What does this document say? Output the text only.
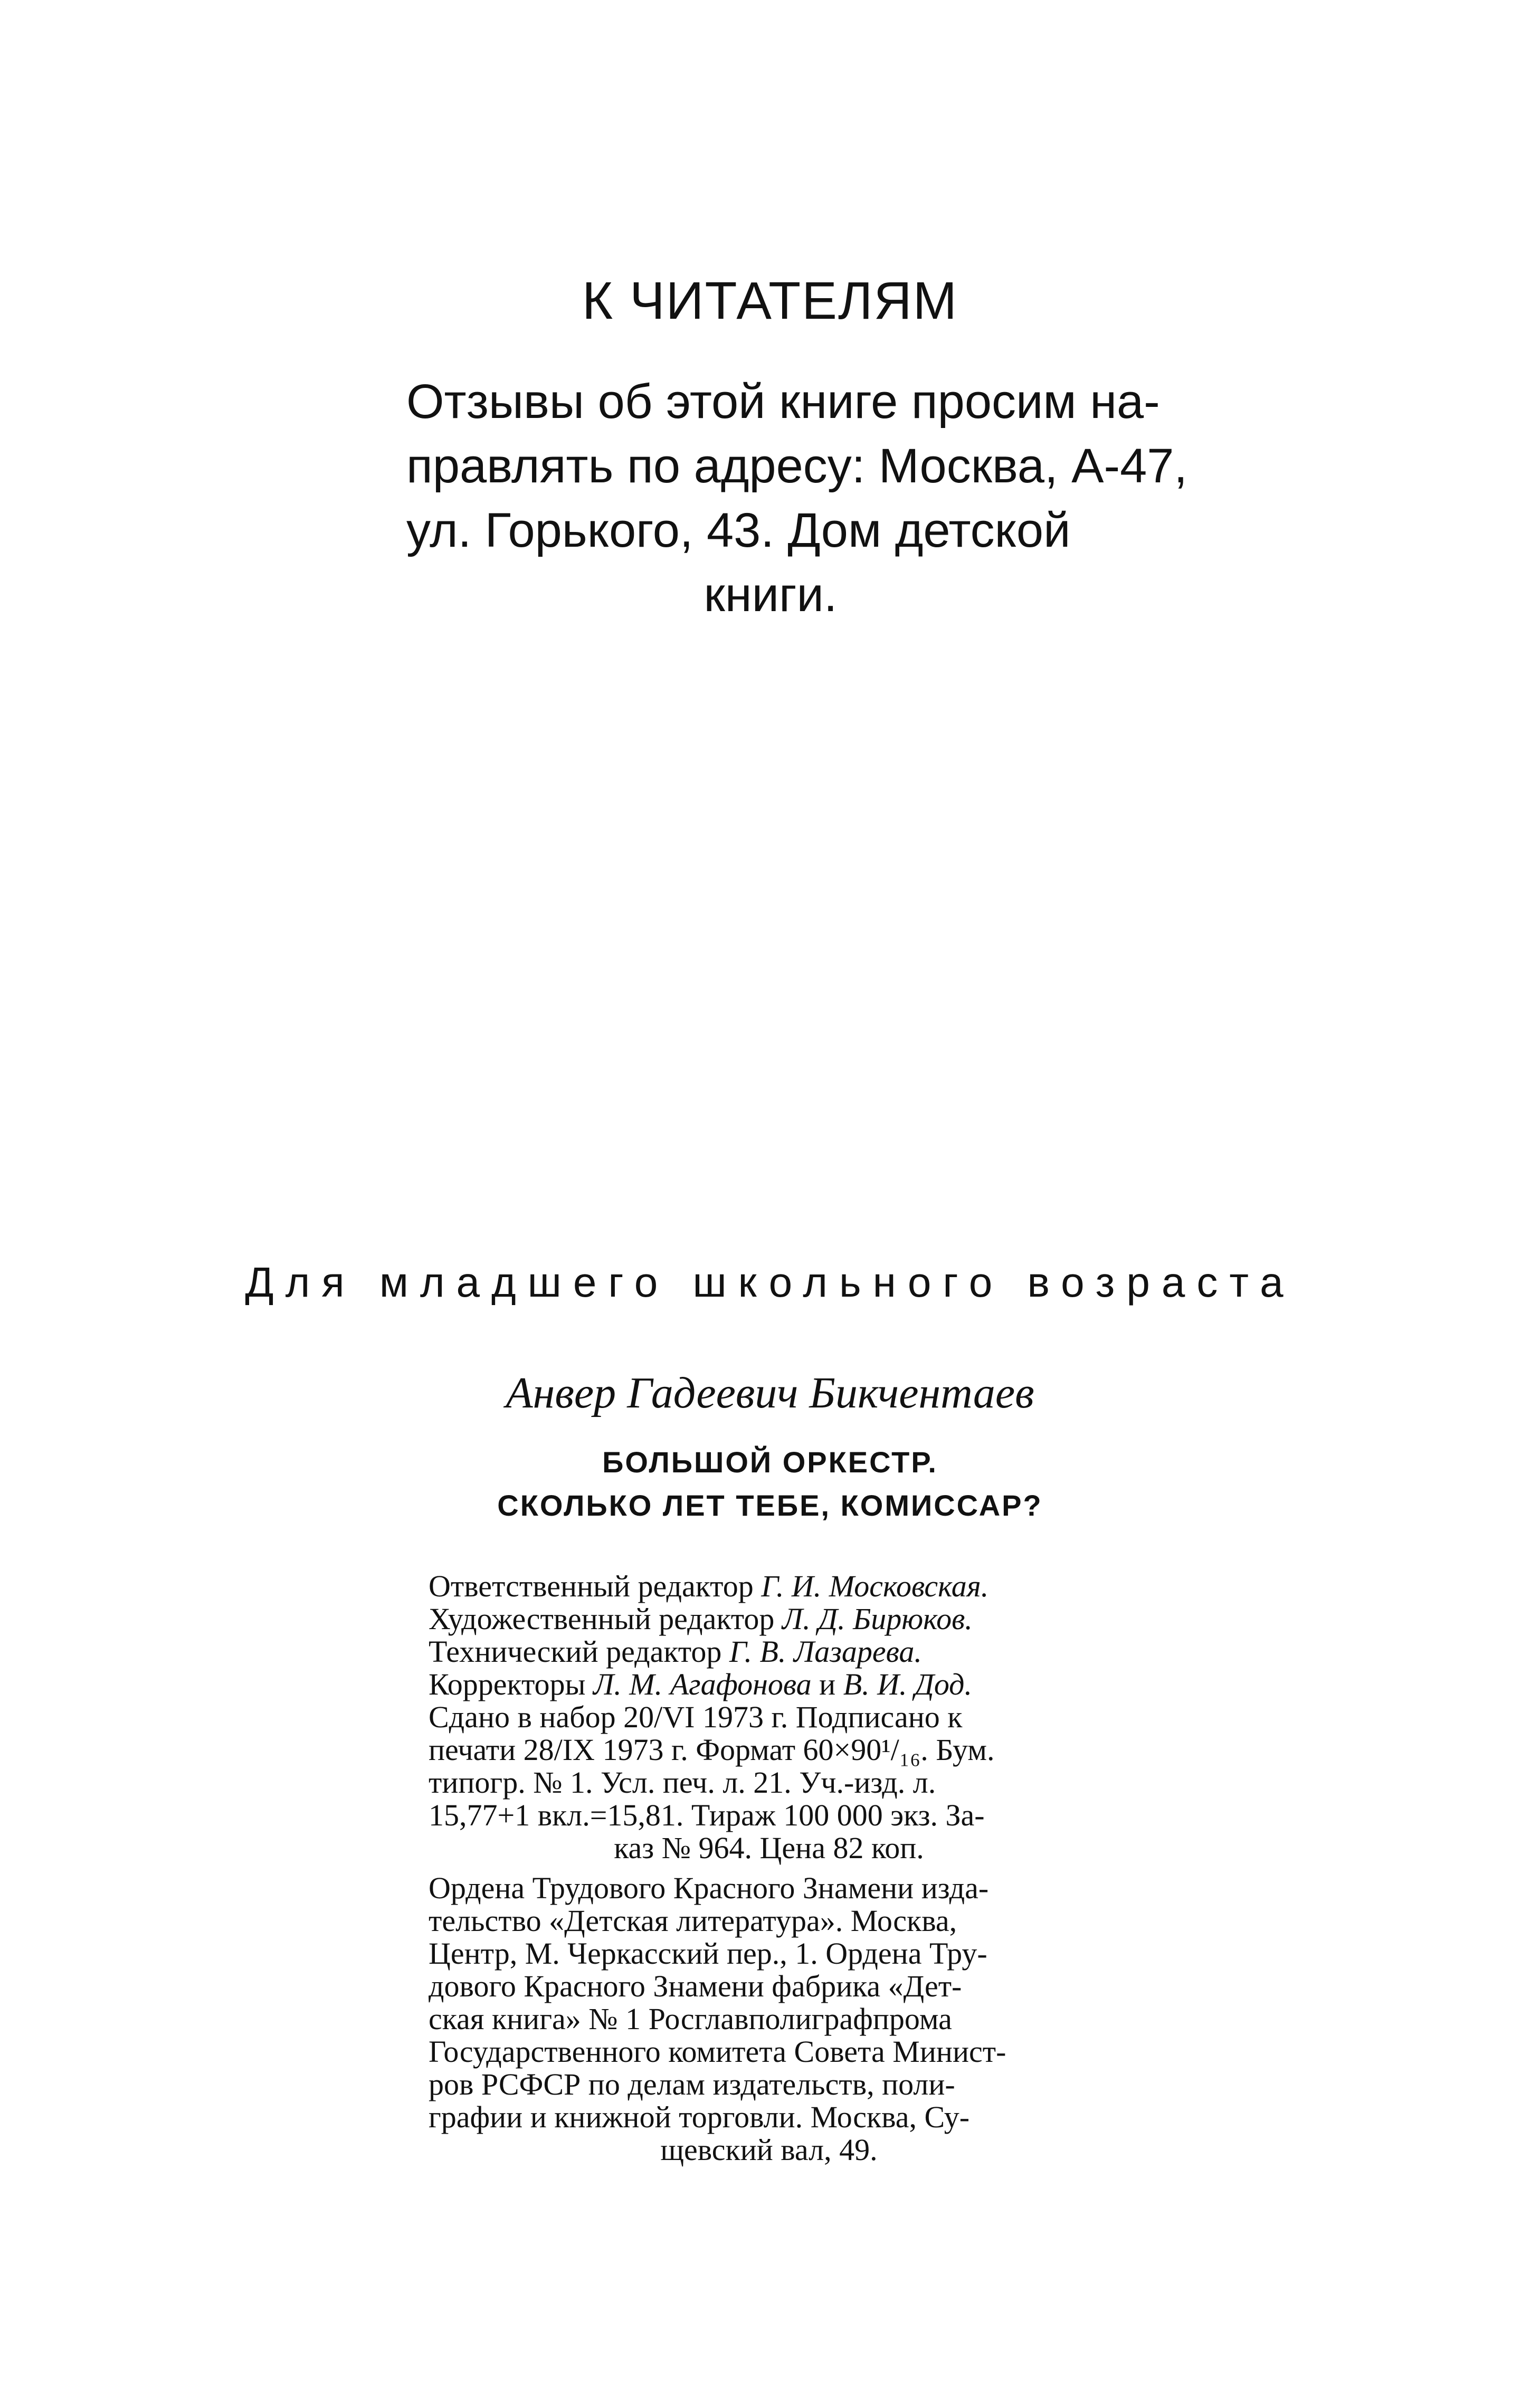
К ЧИТАТЕЛЯМ
Отзывы об этой книге просим на-
правлять по адресу: Москва, А-47,
ул. Горького, 43. Дом детской
книги.
Для младшего школьного возраста
Анвер Гадеевич Бикчентаев
БОЛЬШОЙ ОРКЕСТР.
СКОЛЬКО ЛЕТ ТЕБЕ, КОМИССАР?
Ответственный редактор Г. И. Московская.
Художественный редактор Л. Д. Бирюков.
Технический редактор Г. В. Лазарева.
Корректоры Л. М. Агафонова и В. И. Дод.
Сдано в набор 20/VI 1973 г. Подписано к
печати 28/IX 1973 г. Формат 60×90¹/₁₆. Бум.
типогр. № 1. Усл. печ. л. 21. Уч.-изд. л.
15,77+1 вкл.=15,81. Тираж 100 000 экз. За-
каз № 964. Цена 82 коп.
Ордена Трудового Красного Знамени изда-
тельство «Детская литература». Москва,
Центр, М. Черкасский пер., 1. Ордена Тру-
дового Красного Знамени фабрика «Дет-
ская книга» № 1 Росглавполиграфпрома
Государственного комитета Совета Минист-
ров РСФСР по делам издательств, поли-
графии и книжной торговли. Москва, Су-
щевский вал, 49.
